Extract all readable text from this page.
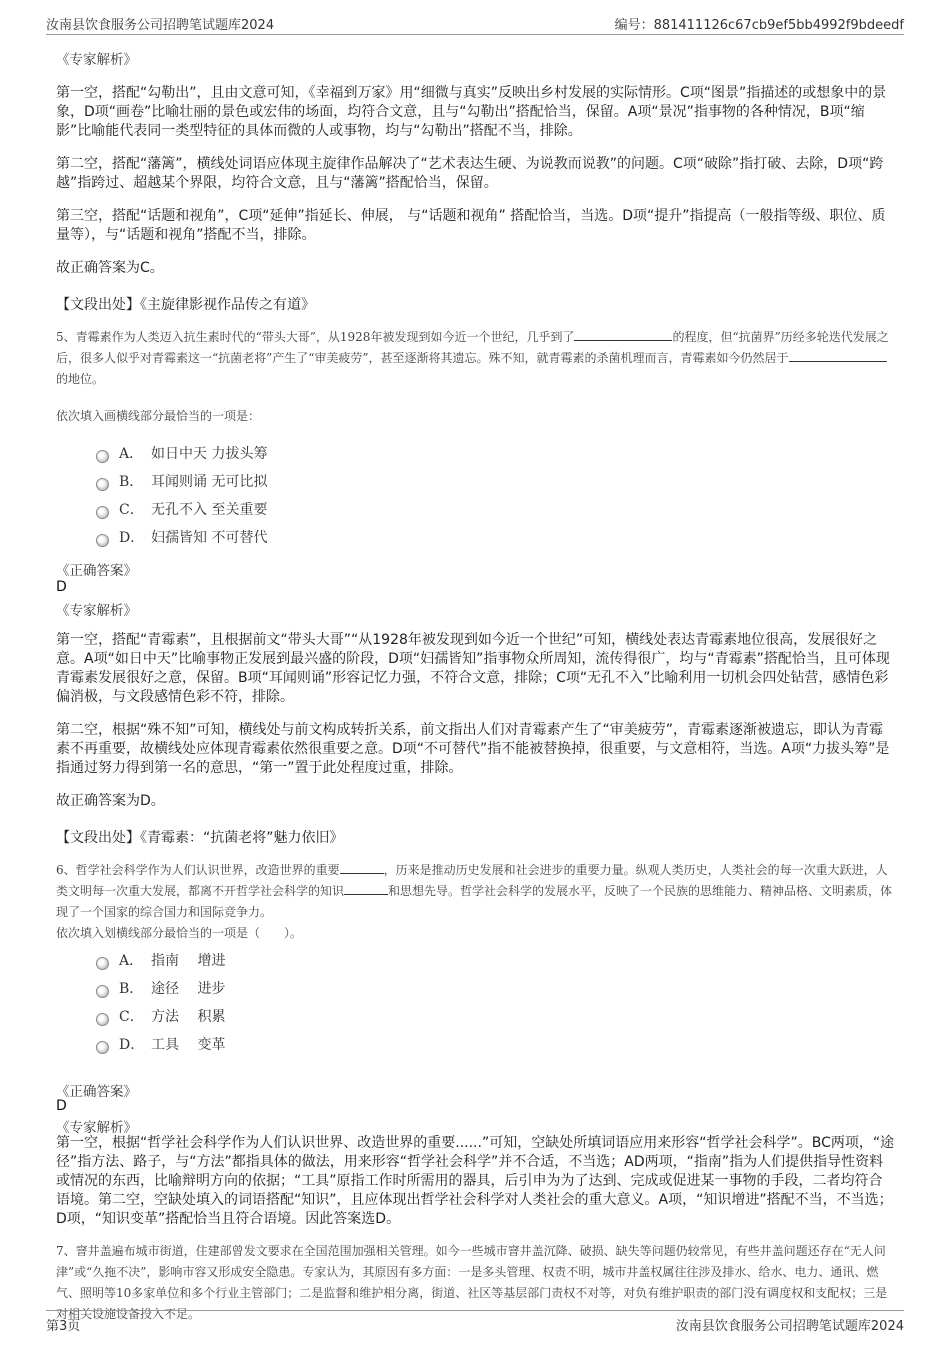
汝南县饮食服务公司招聘笔试题库2024	编号：881411126c67cb9ef5bb4992f9bdeedf
《专家解析》

第一空，搭配“勾勒出”，且由文意可知，《幸福到万家》用“细微与真实”反映出乡村发展的实际情形。C项“图景”指描述的或想象中的景象，D项“画卷”比喻壮丽的景色或宏伟的场面，均符合文意，且与“勾勒出”搭配恰当，保留。A项“景况”指事物的各种情况，B项“缩影”比喻能代表同一类型特征的具体而微的人或事物，均与“勾勒出”搭配不当，排除。

第二空，搭配“藩篱”，横线处词语应体现主旋律作品解决了“艺术表达生硬、为说教而说教”的问题。C项“破除”指打破、去除，D项“跨越”指跨过、超越某个界限，均符合文意，且与“藩篱”搭配恰当，保留。

第三空，搭配“话题和视角”，C项“延伸”指延长、伸展， 与“话题和视角” 搭配恰当，当选。D项“提升”指提高（一般指等级、职位、质量等），与“话题和视角”搭配不当，排除。

故正确答案为C。

【文段出处】《主旋律影视作品传之有道》

5、青霉素作为人类迈入抗生素时代的“带头大哥”，从1928年被发现到如今近一个世纪，几乎到了	的程度，但“抗菌界”历经多轮迭代发展之后，很多人似乎对青霉素这一“抗菌老将”产生了“审美疲劳”，甚至逐渐将其遗忘。殊不知，就青霉素的杀菌机理而言，青霉素如今仍然居于的地位。

依次填入画横线部分最恰当的一项是：

A． 如日中天 力拔头筹
B． 耳闻则诵 无可比拟
C． 无孔不入 至关重要
D． 妇孺皆知 不可替代
《正确答案》
D
《专家解析》

第一空，搭配“青霉素”，且根据前文“带头大哥”“从1928年被发现到如今近一个世纪”可知，横线处表达青霉素地位很高，发展很好之意。A项“如日中天”比喻事物正发展到最兴盛的阶段，D项“妇孺皆知”指事物众所周知，流传得很广，均与“青霉素”搭配恰当，且可体现青霉素发展很好之意，保留。B项“耳闻则诵”形容记忆力强，不符合文意，排除；C项“无孔不入”比喻利用一切机会四处钻营，感情色彩偏消极，与文段感情色彩不符，排除。

第二空，根据“殊不知”可知，横线处与前文构成转折关系，前文指出人们对青霉素产生了“审美疲劳”，青霉素逐渐被遗忘，即认为青霉素不再重要，故横线处应体现青霉素依然很重要之意。D项“不可替代”指不能被替换掉，很重要，与文意相符，当选。A项“力拔头筹”是指通过努力得到第一名的意思，“第一”置于此处程度过重，排除。

故正确答案为D。

【文段出处】《青霉素：“抗菌老将”魅力依旧》

6、哲学社会科学作为人们认识世界，改造世界的重要	，历来是推动历史发展和社会进步的重要力量。纵观人类历史，人类社会的每一次重大跃进，人类文明每一次重大发展，都离不开哲学社会科学的知识	和思想先导。哲学社会科学的发展水平，反映了一个民族的思维能力、精神品格、文明素质，体现了一个国家的综合国力和国际竞争力。

依次填入划横线部分最恰当的一项是（　　）。

A． 指南　 增进
B． 途径　 进步
C． 方法　 积累
D． 工具　 变革
《正确答案》
D
《专家解析》

第一空，根据“哲学社会科学作为人们认识世界、改造世界的重要......”可知，空缺处所填词语应用来形容“哲学社会科学”。BC两项，“途径”指方法、路子，与“方法”都指具体的做法，用来形容“哲学社会科学”并不合适，不当选；AD两项，“指南”指为人们提供指导性资料或情况的东西，比喻辩明方向的依据；“工具”原指工作时所需用的器具，后引申为为了达到、完成或促进某一事物的手段，二者均符合语境。第二空，空缺处填入的词语搭配“知识”，且应体现出哲学社会科学对人类社会的重大意义。A项，“知识增进”搭配不当，不当选；D项，“知识变革”搭配恰当且符合语境。因此答案选D。

7、窨井盖遍布城市街道，住建部曾发文要求在全国范围加强相关管理。如今一些城市窨井盖沉降、破损、缺失等问题仍较常见，有些井盖问题还存在“无人问津”或“久拖不决”，影响市容又形成安全隐患。专家认为，其原因有多方面：一是多头管理、权责不明，城市井盖权属往往涉及排水、给水、电力、通讯、燃气、照明等10多家单位和多个行业主管部门；二是监督和维护相分离，街道、社区等基层部门责权不对等，对负有维护职责的部门没有调度权和支配权；三是对相关设施设备投入不足。

第3页	汝南县饮食服务公司招聘笔试题库2024
